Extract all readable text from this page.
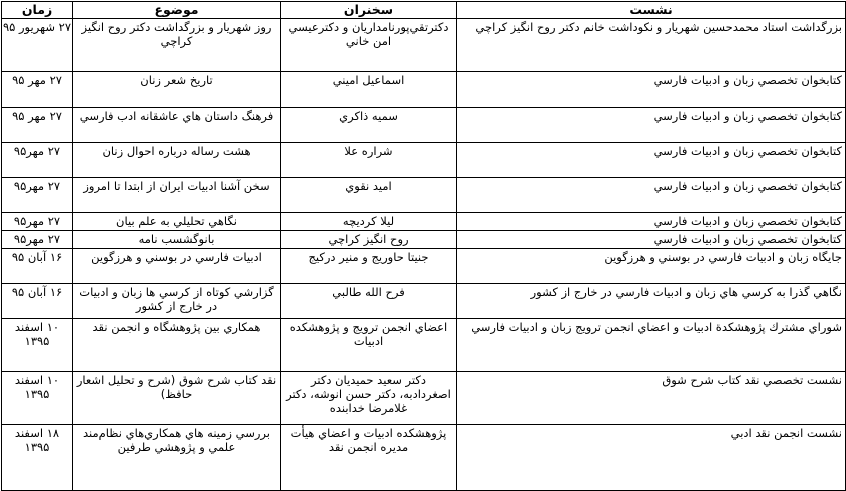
نشست	سخنران	موضوع	زمان
بزرگداشت استاد محمدحسين شهريار و نكوداشت خانم دكتر روح انگيز كراچي	دكترتقي‌پورنامداريان و دكترعيسي امن خاني	روز شهريار و بزرگداشت دكتر روح انگيز كراچي	۲۷ شهريور ۹۵
كتابخوان تخصصي زبان و ادبيات فارسي	اسماعيل اميني	تاريخ شعر زنان	۲۷ مهر ۹۵
كتابخوان تخصصي زبان و ادبيات فارسي	سميه ذاكري	فرهنگ داستان هاي عاشقانه ادب فارسي	۲۷ مهر ۹۵
كتابخوان تخصصي زبان و ادبيات فارسي	شراره علا	هشت رساله درباره احوال زنان	۲۷ مهر۹۵
كتابخوان تخصصي زبان و ادبيات فارسي	اميد نقوي	سخن آشنا ادبيات ايران از ابتدا تا امروز	۲۷ مهر۹۵
كتابخوان تخصصي زبان و ادبيات فارسي	ليلا كرديچه	نگاهي تحليلي به علم بيان	۲۷ مهر۹۵
كتابخوان تخصصي زبان و ادبيات فارسي	روح انگيز كراچي	بانوگشسب نامه	۲۷ مهر۹۵
جايگاه زبان و ادبيات فارسي در بوسني و هرزگوين	جنيتا حاوريج و منير دركيج	ادبيات فارسي در بوسني و هرزگوين	۱۶ آبان ۹۵
نگاهي گذرا به كرسي هاي زبان و ادبيات فارسي در خارج از كشور	فرح الله طالبي	گزارشي كوتاه از كرسي ها زبان و ادبيات در خارج از كشور	۱۶ آبان ۹۵
شوراي مشترك پژوهشكدة ادبيات و اعضاي انجمن ترويج زبان و ادبيات فارسي	اعضاي انجمن ترويج و پژوهشكده ادبيات	همكاري بين پژوهشگاه و انجمن نقد	۱۰ اسفند ۱۳۹۵
نشست تخصصي نقد كتاب شرح شوق	دكتر سعيد حميديان دكتر اصغردادبه، دكتر حسن انوشه، دكتر غلامرضا خدابنده	نقد كتاب شرح شوق (شرح و تحليل اشعار حافظ)	۱۰ اسفند ۱۳۹۵
نشست انجمن نقد ادبي	پژوهشكده ادبيات و اعضاي هيأت مديره انجمن نقد	بررسي زمينه هاي همكاري‌هاي نظام‌مند علمي و پژوهشي طرفين	۱۸ اسفند ۱۳۹۵
